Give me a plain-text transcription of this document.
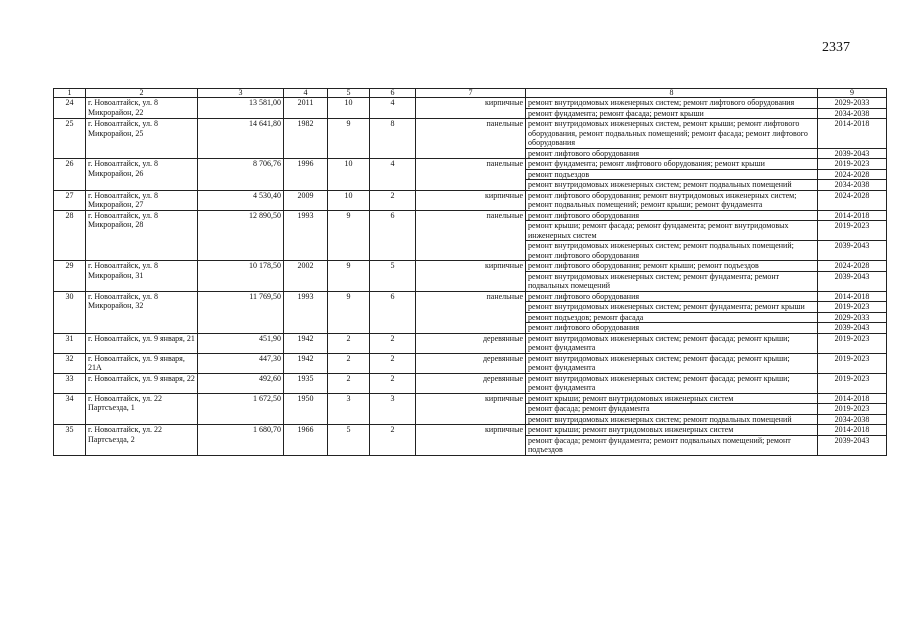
2337
1	2	3	4	5	6	7	8	9
24	г. Новоалтайск, ул. 8 Микрорайон, 22	13 581,00	2011	10	4	кирпичные	ремонт внутридомовых инженерных систем; ремонт лифтового оборудования	2029-2033
							ремонт фундамента; ремонт фасада; ремонт крыши	2034-2038
25	г. Новоалтайск, ул. 8 Микрорайон, 25	14 641,80	1982	9	8	панельные	ремонт внутридомовых инженерных систем, ремонт крыши; ремонт лифтового оборудования, ремонт подвальных помещений; ремонт фасада; ремонт лифтового оборудования	2014-2018
							ремонт лифтового оборудования	2039-2043
26	г. Новоалтайск, ул. 8 Микрорайон, 26	8 706,76	1996	10	4	панельные	ремонт фундамента; ремонт лифтового оборудования; ремонт крыши	2019-2023
							ремонт подъездов	2024-2028
							ремонт внутридомовых инженерных систем; ремонт подвальных помещений	2034-2038
27	г. Новоалтайск, ул. 8 Микрорайон, 27	4 530,40	2009	10	2	кирпичные	ремонт лифтового оборудования; ремонт внутридомовых инженерных систем; ремонт подвальных помещений; ремонт крыши; ремонт фундамента	2024-2028
28	г. Новоалтайск, ул. 8 Микрорайон, 28	12 890,50	1993	9	6	панельные	ремонт лифтового оборудования	2014-2018
							ремонт крыши; ремонт фасада; ремонт фундамента; ремонт внутридомовых инженерных систем	2019-2023
							ремонт внутридомовых инженерных систем; ремонт подвальных помещений; ремонт лифтового оборудования	2039-2043
29	г. Новоалтайск, ул. 8 Микрорайон, 31	10 178,50	2002	9	5	кирпичные	ремонт лифтового оборудования; ремонт крыши; ремонт подъездов	2024-2028
							ремонт внутридомовых инженерных систем; ремонт фундамента; ремонт подвальных помещений	2039-2043
30	г. Новоалтайск, ул. 8 Микрорайон, 32	11 769,50	1993	9	6	панельные	ремонт лифтового оборудования	2014-2018
							ремонт внутридомовых инженерных систем; ремонт фундамента; ремонт крыши	2019-2023
							ремонт подъездов; ремонт фасада	2029-2033
							ремонт лифтового оборудования	2039-2043
31	г. Новоалтайск, ул. 9 января, 21	451,90	1942	2	2	деревянные	ремонт внутридомовых инженерных систем; ремонт фасада; ремонт крыши; ремонт фундамента	2019-2023
32	г. Новоалтайск, ул. 9 января, 21А	447,30	1942	2	2	деревянные	ремонт внутридомовых инженерных систем; ремонт фасада; ремонт крыши; ремонт фундамента	2019-2023
33	г. Новоалтайск, ул. 9 января, 22	492,60	1935	2	2	деревянные	ремонт внутридомовых инженерных систем; ремонт фасада; ремонт крыши; ремонт фундамента	2019-2023
34	г. Новоалтайск, ул. 22 Партсъезда, 1	1 672,50	1950	3	3	кирпичные	ремонт крыши; ремонт внутридомовых инженерных систем	2014-2018
							ремонт фасада; ремонт фундамента	2019-2023
							ремонт внутридомовых инженерных систем; ремонт подвальных помещений	2034-2038
35	г. Новоалтайск, ул. 22 Партсъезда, 2	1 680,70	1966	5	2	кирпичные	ремонт крыши; ремонт внутридомовых инженерных систем	2014-2018
							ремонт фасада; ремонт фундамента; ремонт подвальных помещений; ремонт подъездов	2039-2043
